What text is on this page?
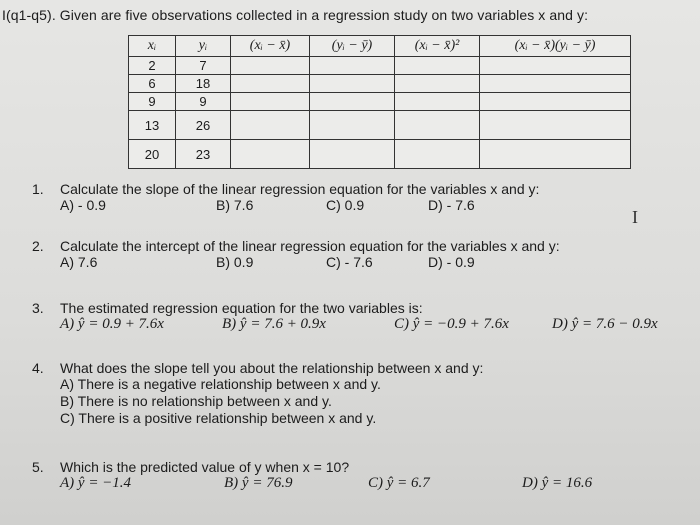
I(q1-q5). Given are five observations collected in a regression study on two variables x and y:
xᵢ	yᵢ	(xᵢ − x̄)	(yᵢ − ȳ)	(xᵢ − x̄)²	(xᵢ − x̄)(yᵢ − ȳ)
2	7				
6	18				
9	9				
13	26				
20	23				
1. Calculate the slope of the linear regression equation for the variables x and y:
A) - 0.9	B) 7.6	C) 0.9	D) - 7.6
2. Calculate the intercept of the linear regression equation for the variables x and y:
A) 7.6	B) 0.9	C) - 7.6	D) - 0.9
3. The estimated regression equation for the two variables is:
A) ŷ = 0.9 + 7.6x	B) ŷ = 7.6 + 0.9x	C) ŷ = −0.9 + 7.6x	D) ŷ = 7.6 − 0.9x
4. What does the slope tell you about the relationship between x and y:
A) There is a negative relationship between x and y.
B) There is no relationship between x and y.
C) There is a positive relationship between x and y.
5. Which is the predicted value of y when x = 10?
A) ŷ = −1.4	B) ŷ = 76.9	C) ŷ = 6.7	D) ŷ = 16.6
I
